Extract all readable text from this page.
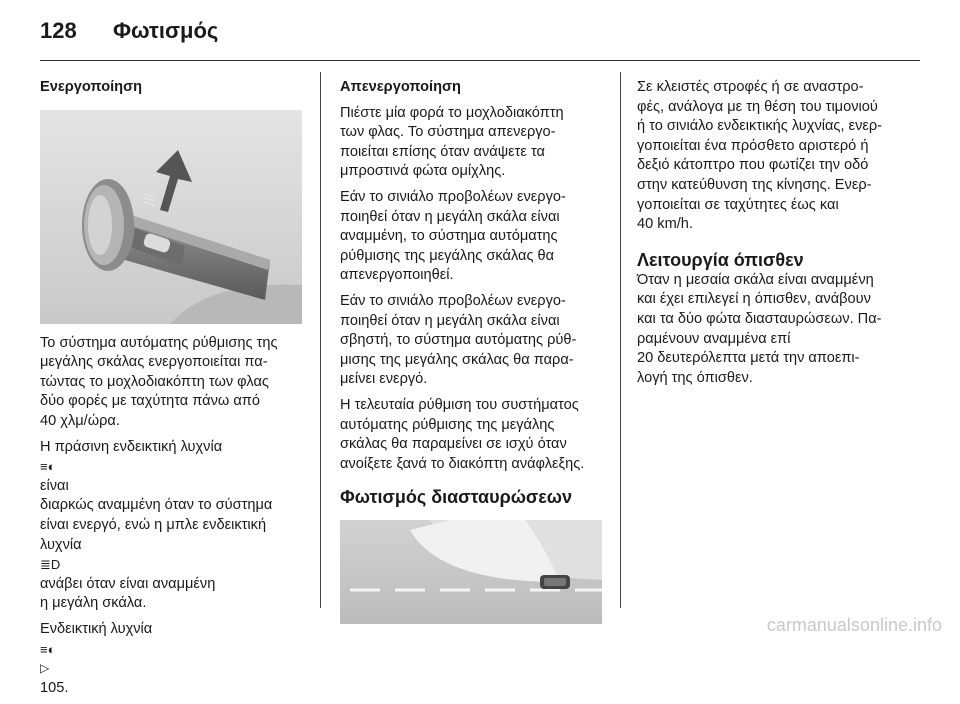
128 Φωτισμός

Ενεργοποίηση

Το σύστημα αυτόματης ρύθμισης της
μεγάλης σκάλας ενεργοποιείται πα-
τώντας το μοχλοδιακόπτη των φλας
δύο φορές με ταχύτητα πάνω από
40 χλμ/ώρα.

Η πράσινη ενδεικτική λυχνία
≡◐
είναι
διαρκώς αναμμένη όταν το σύστημα
είναι ενεργό, ενώ η μπλε ενδεικτική
λυχνία
≣D
ανάβει όταν είναι αναμμένη
η μεγάλη σκάλα.

Ενδεικτική λυχνία
≡◐
▷
105.

Απενεργοποίηση

Πιέστε μία φορά το μοχλοδιακόπτη
των φλας. Το σύστημα απενεργο-
ποιείται επίσης όταν ανάψετε τα
μπροστινά φώτα ομίχλης.

Εάν το σινιάλο προβολέων ενεργο-
ποιηθεί όταν η μεγάλη σκάλα είναι
αναμμένη, το σύστημα αυτόματης
ρύθμισης της μεγάλης σκάλας θα
απενεργοποιηθεί.

Εάν το σινιάλο προβολέων ενεργο-
ποιηθεί όταν η μεγάλη σκάλα είναι
σβηστή, το σύστημα αυτόματης ρύθ-
μισης της μεγάλης σκάλας θα παρα-
μείνει ενεργό.

Η τελευταία ρύθμιση του συστήματος
αυτόματης ρύθμισης της μεγάλης
σκάλας θα παραμείνει σε ισχύ όταν
ανοίξετε ξανά το διακόπτη ανάφλεξης.

Φωτισμός διασταυρώσεων

Σε κλειστές στροφές ή σε αναστρο-
φές, ανάλογα με τη θέση του τιμονιού
ή το σινιάλο ενδεικτικής λυχνίας, ενερ-
γοποιείται ένα πρόσθετο αριστερό ή
δεξιό κάτοπτρο που φωτίζει την οδό
στην κατεύθυνση της κίνησης. Ενερ-
γοποιείται σε ταχύτητες έως και
40 km/h.

Λειτουργία όπισθεν

Όταν η μεσαία σκάλα είναι αναμμένη
και έχει επιλεγεί η όπισθεν, ανάβουν
και τα δύο φώτα διασταυρώσεων. Πα-
ραμένουν αναμμένα επί
20 δευτερόλεπτα μετά την αποεπι-
λογή της όπισθεν.

carmanualsonline.info
